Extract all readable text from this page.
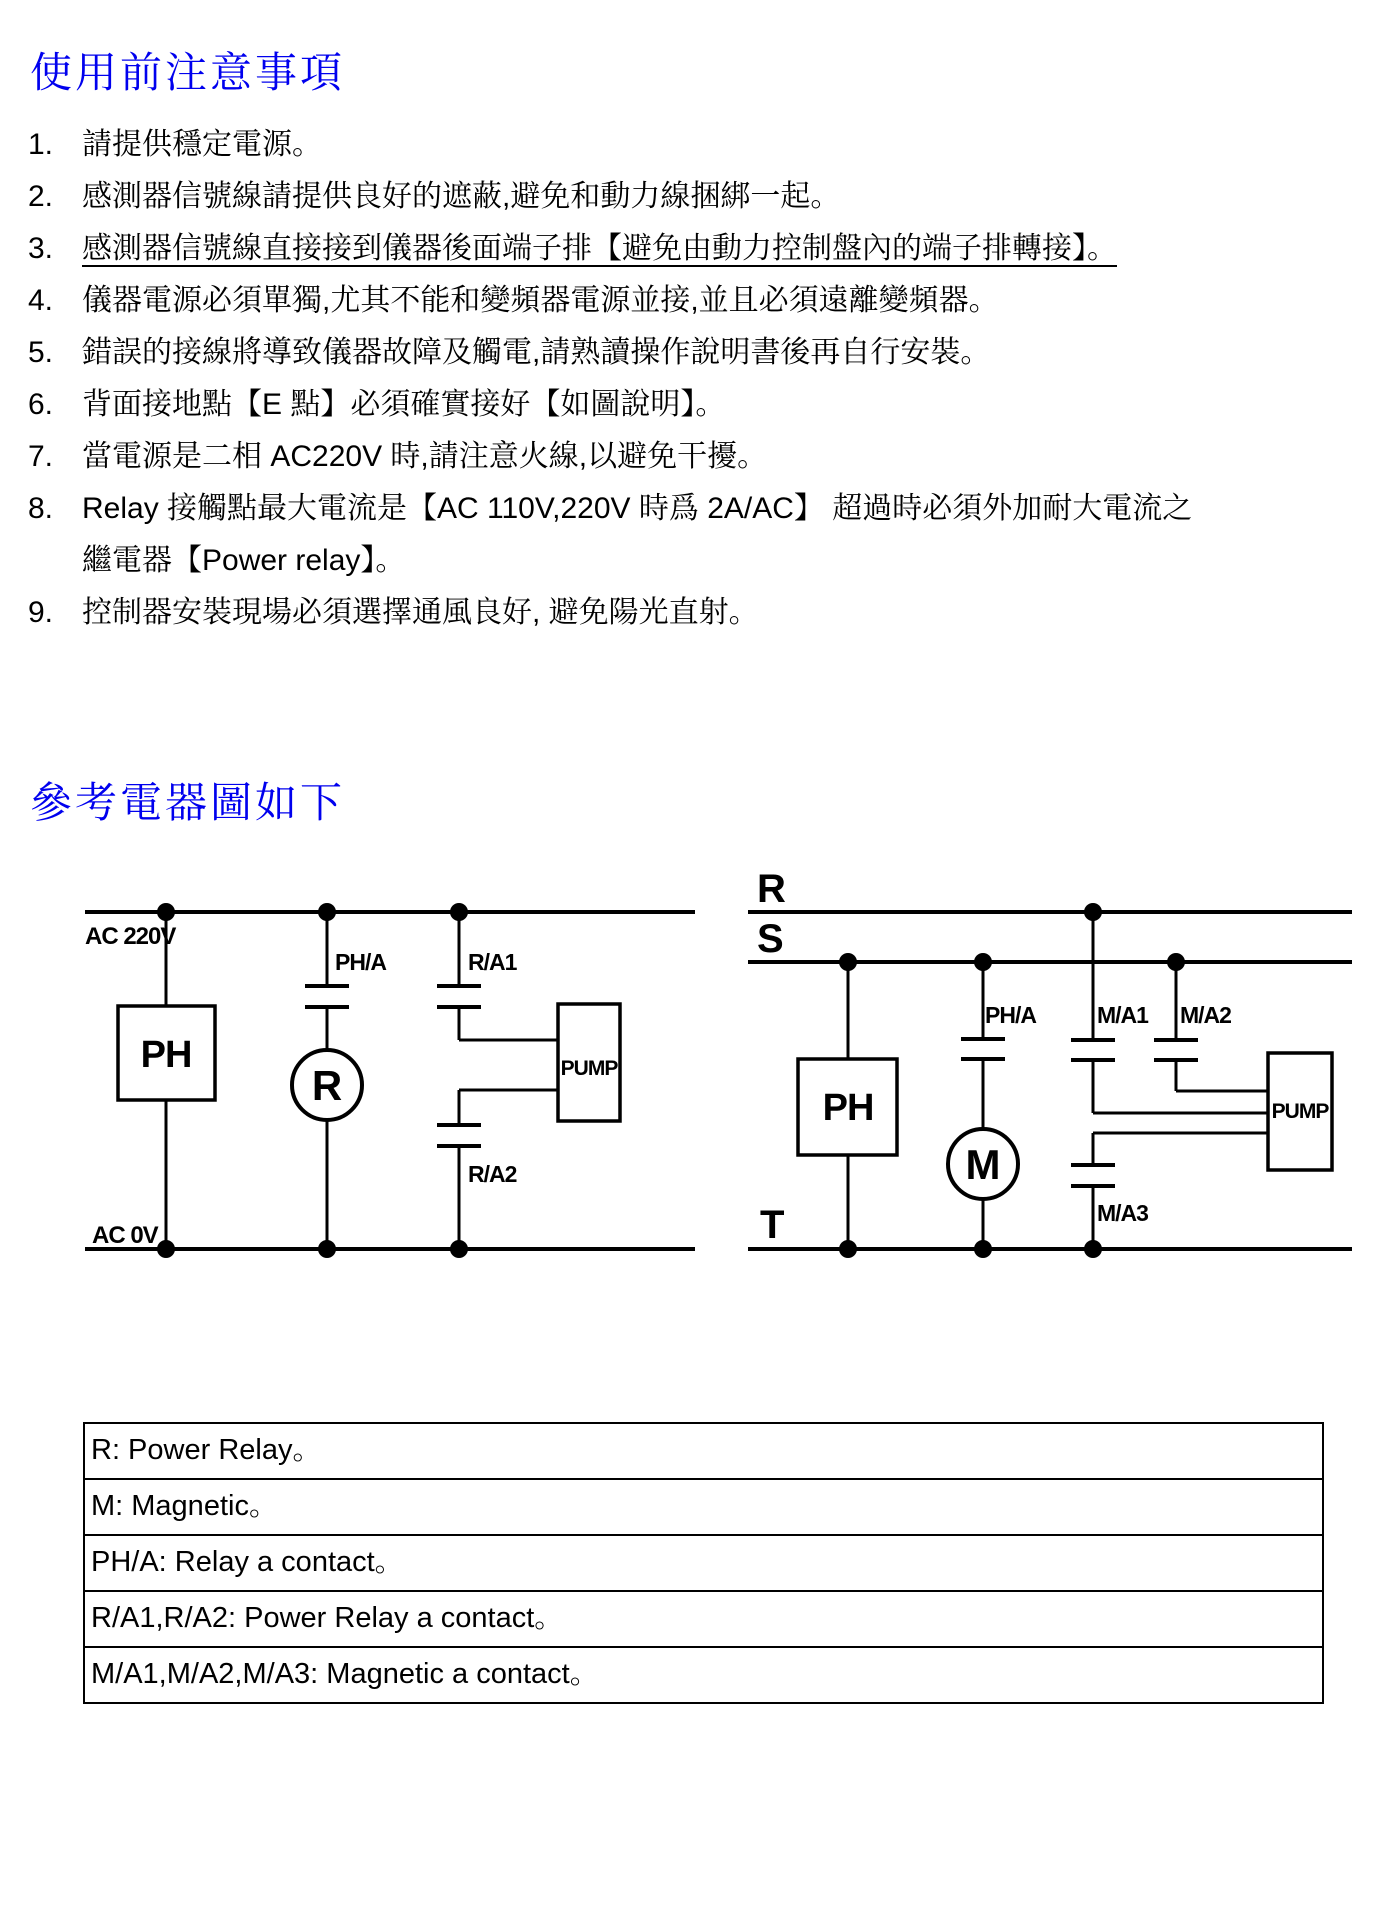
使用前注意事項
1. 請提供穩定電源。
2. 感測器信號線請提供良好的遮蔽,避免和動力線捆綁一起。
3. 感測器信號線直接接到儀器後面端子排【避免由動力控制盤內的端子排轉接】。
4. 儀器電源必須單獨,尤其不能和變頻器電源並接,並且必須遠離變頻器。
5. 錯誤的接線將導致儀器故障及觸電,請熟讀操作說明書後再自行安裝。
6. 背面接地點【E 點】必須確實接好【如圖說明】。
7. 當電源是二相 AC220V 時,請注意火線,以避免干擾。
8. Relay 接觸點最大電流是【AC 110V,220V 時爲 2A/AC】 超過時必須外加耐大電流之
繼電器【Power relay】。
9. 控制器安裝現場必須選擇通風良好, 避免陽光直射。
參考電器圖如下
AC 220V
AC 0V
PH
PH/A
R
R/A1
PUMP
R/A2
R
S
T
PH
PH/A
M
M/A1 M/A2
PUMP
M/A3
R: Power Relay。
M: Magnetic。
PH/A: Relay a contact。
R/A1,R/A2: Power Relay a contact。
M/A1,M/A2,M/A3: Magnetic a contact。
